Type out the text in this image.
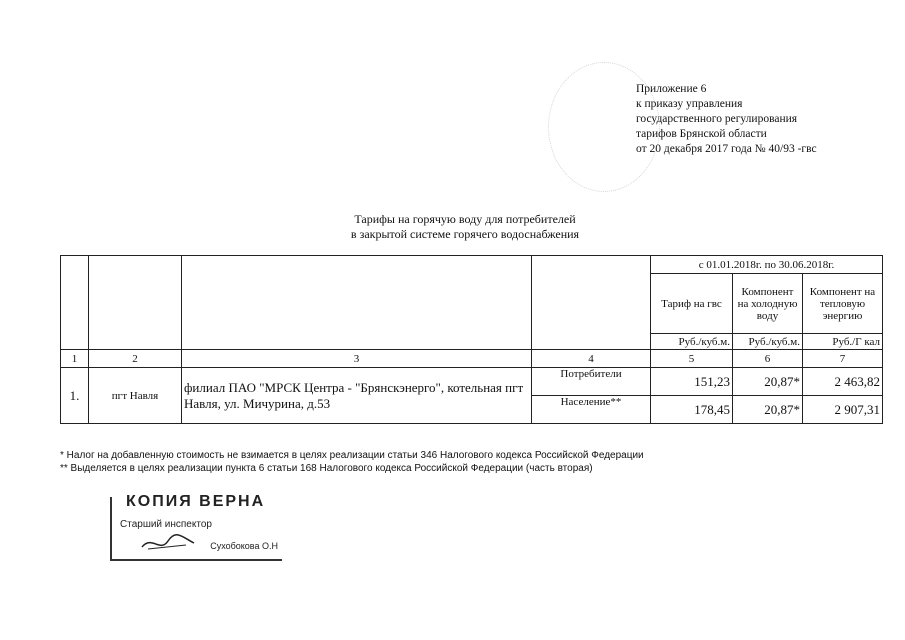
Приложение 6
к приказу управления
государственного регулирования
тарифов Брянской области
от 20 декабря 2017 года № 40/93 -гвс
Тарифы на горячую воду для потребителей
в закрытой системе горячего водоснабжения
				с 01.01.2018г. по 30.06.2018г.		
				Тариф на гвс	Компонент на холодную воду	Компонент на тепловую энергию
				Руб./куб.м.	Руб./куб.м.	Руб./Г кал
1	2	3	4	5	6	7
1.	пгт Навля	филиал ПАО "МРСК Центра - "Брянскэнерго", котельная пгт Навля, ул. Мичурина, д.53	Потребители	151,23	20,87*	2 463,82
			Население**	178,45	20,87*	2 907,31
* Налог на добавленную стоимость не взимается в целях реализации статьи 346 Налогового кодекса Российской Федерации
** Выделяется в целях реализации пункта 6 статьи 168 Налогового кодекса Российской Федерации (часть вторая)
КОПИЯ ВЕРНА
Старший инспектор
Сухобокова О.Н
